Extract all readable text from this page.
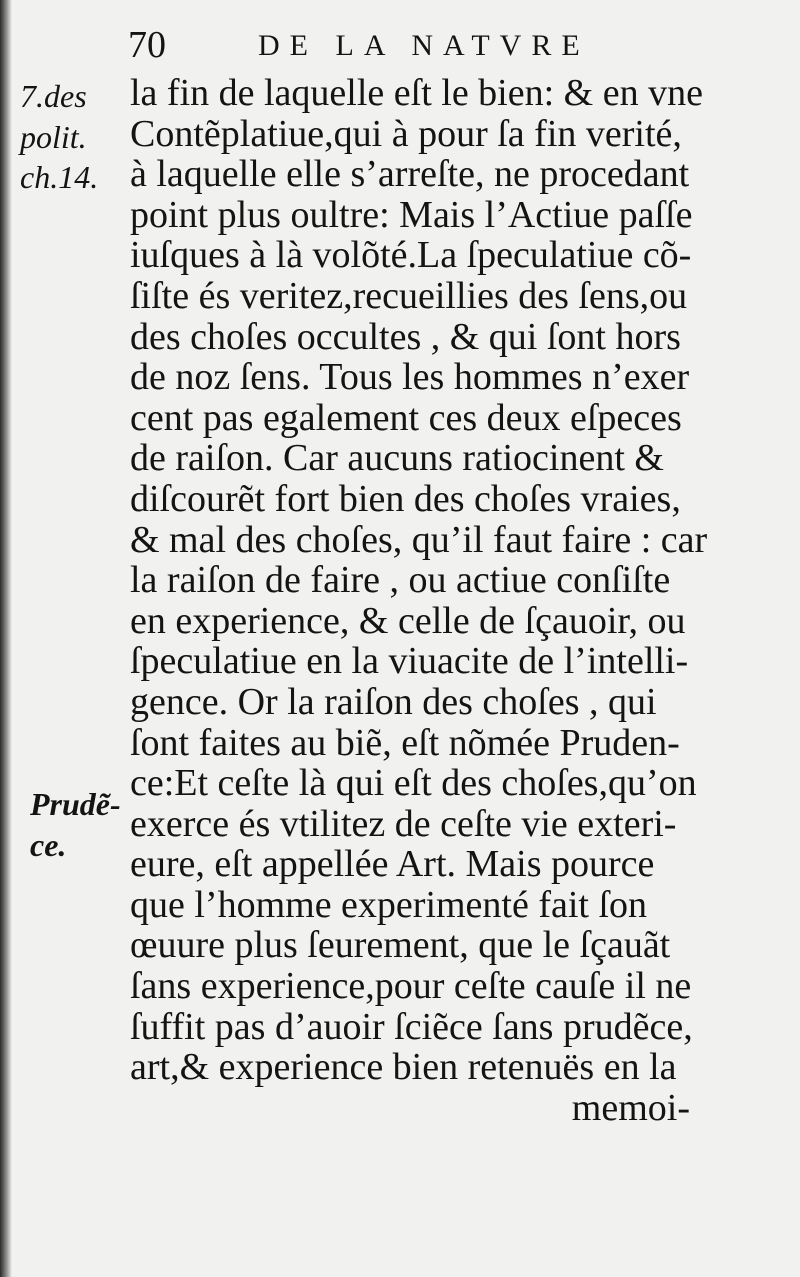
70	DE LA NATVRE
7.des
polit.
ch.14.
Prudẽ-
ce.
la fin de laquelle eſt le bien: & en vne
Contẽplatiue,qui à pour ſa fin verité,
à laquelle elle s’arreſte, ne procedant
point plus oultre: Mais l’Actiue paſſe
iuſques à là volõté.La ſpeculatiue cõ-
ſiſte és veritez,recueillies des ſens,ou
des choſes occultes , & qui ſont hors
de noz ſens. Tous les hommes n’exer
cent pas egalement ces deux eſpeces
de raiſon. Car aucuns ratiocinent &
diſcourẽt fort bien des choſes vraies,
& mal des choſes, qu’il faut faire : car
la raiſon de faire , ou actiue conſiſte
en experience, & celle de ſçauoir, ou
ſpeculatiue en la viuacite de l’intelli-
gence. Or la raiſon des choſes , qui
ſont faites au biẽ, eſt nõmée Pruden-
ce:Et ceſte là qui eſt des choſes,qu’on
exerce és vtilitez de ceſte vie exteri-
eure, eſt appellée Art. Mais pource
que l’homme experimenté fait ſon
œuure plus ſeurement, que le ſçauãt
ſans experience,pour ceſte cauſe il ne
ſuffit pas d’auoir ſciẽce ſans prudẽce,
art,& experience bien retenuës en la
memoi-
